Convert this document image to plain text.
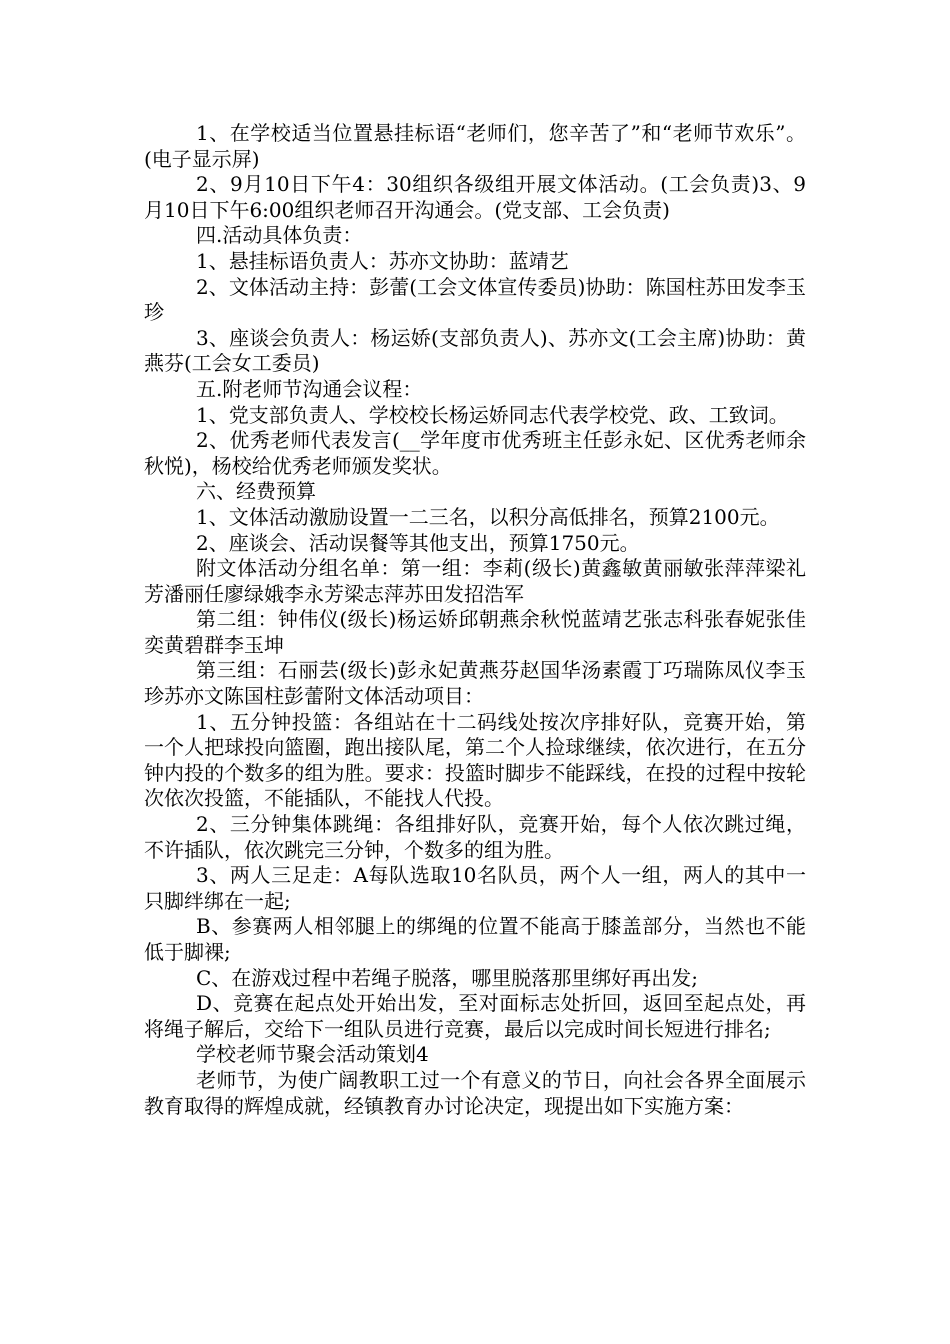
1、在学校适当位置悬挂标语“老师们，您辛苦了”和“老师节欢乐”。(电子显示屏)

2、9月10日下午4：30组织各级组开展文体活动。(工会负责)3、9月10日下午6:00组织老师召开沟通会。(党支部、工会负责)

四.活动具体负责：

1、悬挂标语负责人：苏亦文协助：蓝靖艺

2、文体活动主持：彭蕾(工会文体宣传委员)协助：陈国柱苏田发李玉珍

3、座谈会负责人：杨运娇(支部负责人)、苏亦文(工会主席)协助：黄燕芬(工会女工委员)

五.附老师节沟通会议程：

1、党支部负责人、学校校长杨运娇同志代表学校党、政、工致词。

2、优秀老师代表发言(__学年度市优秀班主任彭永妃、区优秀老师余秋悦)，杨校给优秀老师颁发奖状。

六、经费预算

1、文体活动激励设置一二三名，以积分高低排名，预算2100元。

2、座谈会、活动误餐等其他支出，预算1750元。

附文体活动分组名单：第一组：李莉(级长)黄鑫敏黄丽敏张萍萍梁礼芳潘丽任廖绿娥李永芳梁志萍苏田发招浩军

第二组：钟伟仪(级长)杨运娇邱朝燕余秋悦蓝靖艺张志科张春妮张佳奕黄碧群李玉坤

第三组：石丽芸(级长)彭永妃黄燕芬赵国华汤素霞丁巧瑞陈凤仪李玉珍苏亦文陈国柱彭蕾附文体活动项目：

1、五分钟投篮：各组站在十二码线处按次序排好队，竞赛开始，第一个人把球投向篮圈，跑出接队尾，第二个人捡球继续，依次进行，在五分钟内投的个数多的组为胜。要求：投篮时脚步不能踩线，在投的过程中按轮次依次投篮，不能插队，不能找人代投。

2、三分钟集体跳绳：各组排好队，竞赛开始，每个人依次跳过绳，不许插队，依次跳完三分钟，个数多的组为胜。

3、两人三足走：A每队选取10名队员，两个人一组，两人的其中一只脚绊绑在一起;

B、参赛两人相邻腿上的绑绳的位置不能高于膝盖部分，当然也不能低于脚裸;

C、在游戏过程中若绳子脱落，哪里脱落那里绑好再出发;

D、竞赛在起点处开始出发，至对面标志处折回，返回至起点处，再将绳子解后，交给下一组队员进行竞赛，最后以完成时间长短进行排名;

学校老师节聚会活动策划4

老师节，为使广阔教职工过一个有意义的节日，向社会各界全面展示教育取得的辉煌成就，经镇教育办讨论决定，现提出如下实施方案：
